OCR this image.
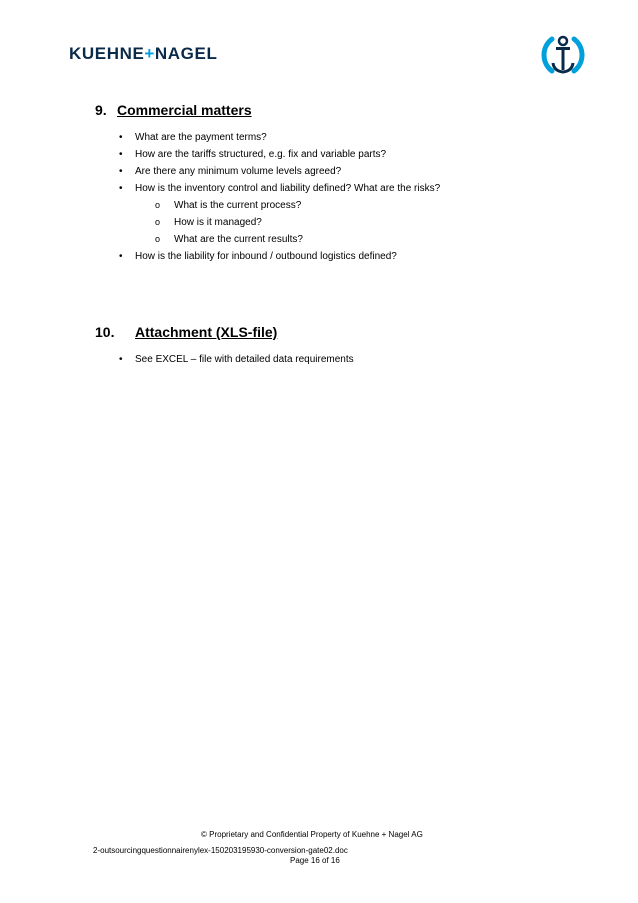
KUEHNE+NAGEL
9. Commercial matters
• What are the payment terms?
• How are the tariffs structured, e.g. fix and variable parts?
• Are there any minimum volume levels agreed?
• How is the inventory control and liability defined? What are the risks?
o What is the current process?
o How is it managed?
o What are the current results?
• How is the liability for inbound / outbound logistics defined?
10. Attachment (XLS-file)
• See EXCEL – file with detailed data requirements
© Proprietary and Confidential Property of Kuehne + Nagel AG
2-outsourcingquestionnairenylex-150203195930-conversion-gate02.doc
Page 16 of 16
